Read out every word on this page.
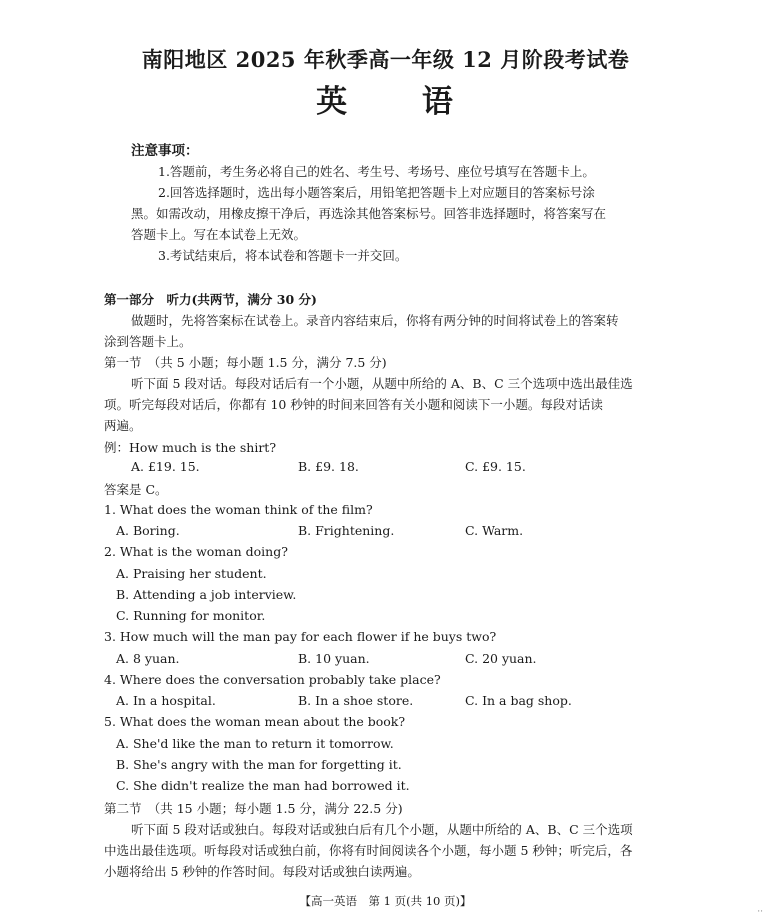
南阳地区 2025 年秋季高一年级 12 月阶段考试卷
英 语
注意事项：
1.答题前，考生务必将自己的姓名、考生号、考场号、座位号填写在答题卡上。
2.回答选择题时，选出每小题答案后，用铅笔把答题卡上对应题目的答案标号涂
黑。如需改动，用橡皮擦干净后，再选涂其他答案标号。回答非选择题时，将答案写在
答题卡上。写在本试卷上无效。
3.考试结束后，将本试卷和答题卡一并交回。
第一部分　听力(共两节，满分 30 分)
做题时，先将答案标在试卷上。录音内容结束后，你将有两分钟的时间将试卷上的答案转
涂到答题卡上。
第一节　（共 5 小题；每小题 1.5 分，满分 7.5 分)
听下面 5 段对话。每段对话后有一个小题，从题中所给的 A、B、C 三个选项中选出最佳选
项。听完每段对话后，你都有 10 秒钟的时间来回答有关小题和阅读下一小题。每段对话读
两遍。
例：How much is the shirt?
A. £19. 15.	B. £9. 18.	C. £9. 15.
答案是 C。
1. What does the woman think of the film?
A. Boring.	B. Frightening.	C. Warm.
2. What is the woman doing?
A. Praising her student.
B. Attending a job interview.
C. Running for monitor.
3. How much will the man pay for each flower if he buys two?
A. 8 yuan.	B. 10 yuan.	C. 20 yuan.
4. Where does the conversation probably take place?
A. In a hospital.	B. In a shoe store.	C. In a bag shop.
5. What does the woman mean about the book?
A. She'd like the man to return it tomorrow.
B. She's angry with the man for forgetting it.
C. She didn't realize the man had borrowed it.
第二节　（共 15 小题；每小题 1.5 分，满分 22.5 分)
听下面 5 段对话或独白。每段对话或独白后有几个小题，从题中所给的 A、B、C 三个选项
中选出最佳选项。听每段对话或独白前，你将有时间阅读各个小题，每小题 5 秒钟；听完后，各
小题将给出 5 秒钟的作答时间。每段对话或独白读两遍。
【高一英语　第 1 页(共 10 页)】
··
